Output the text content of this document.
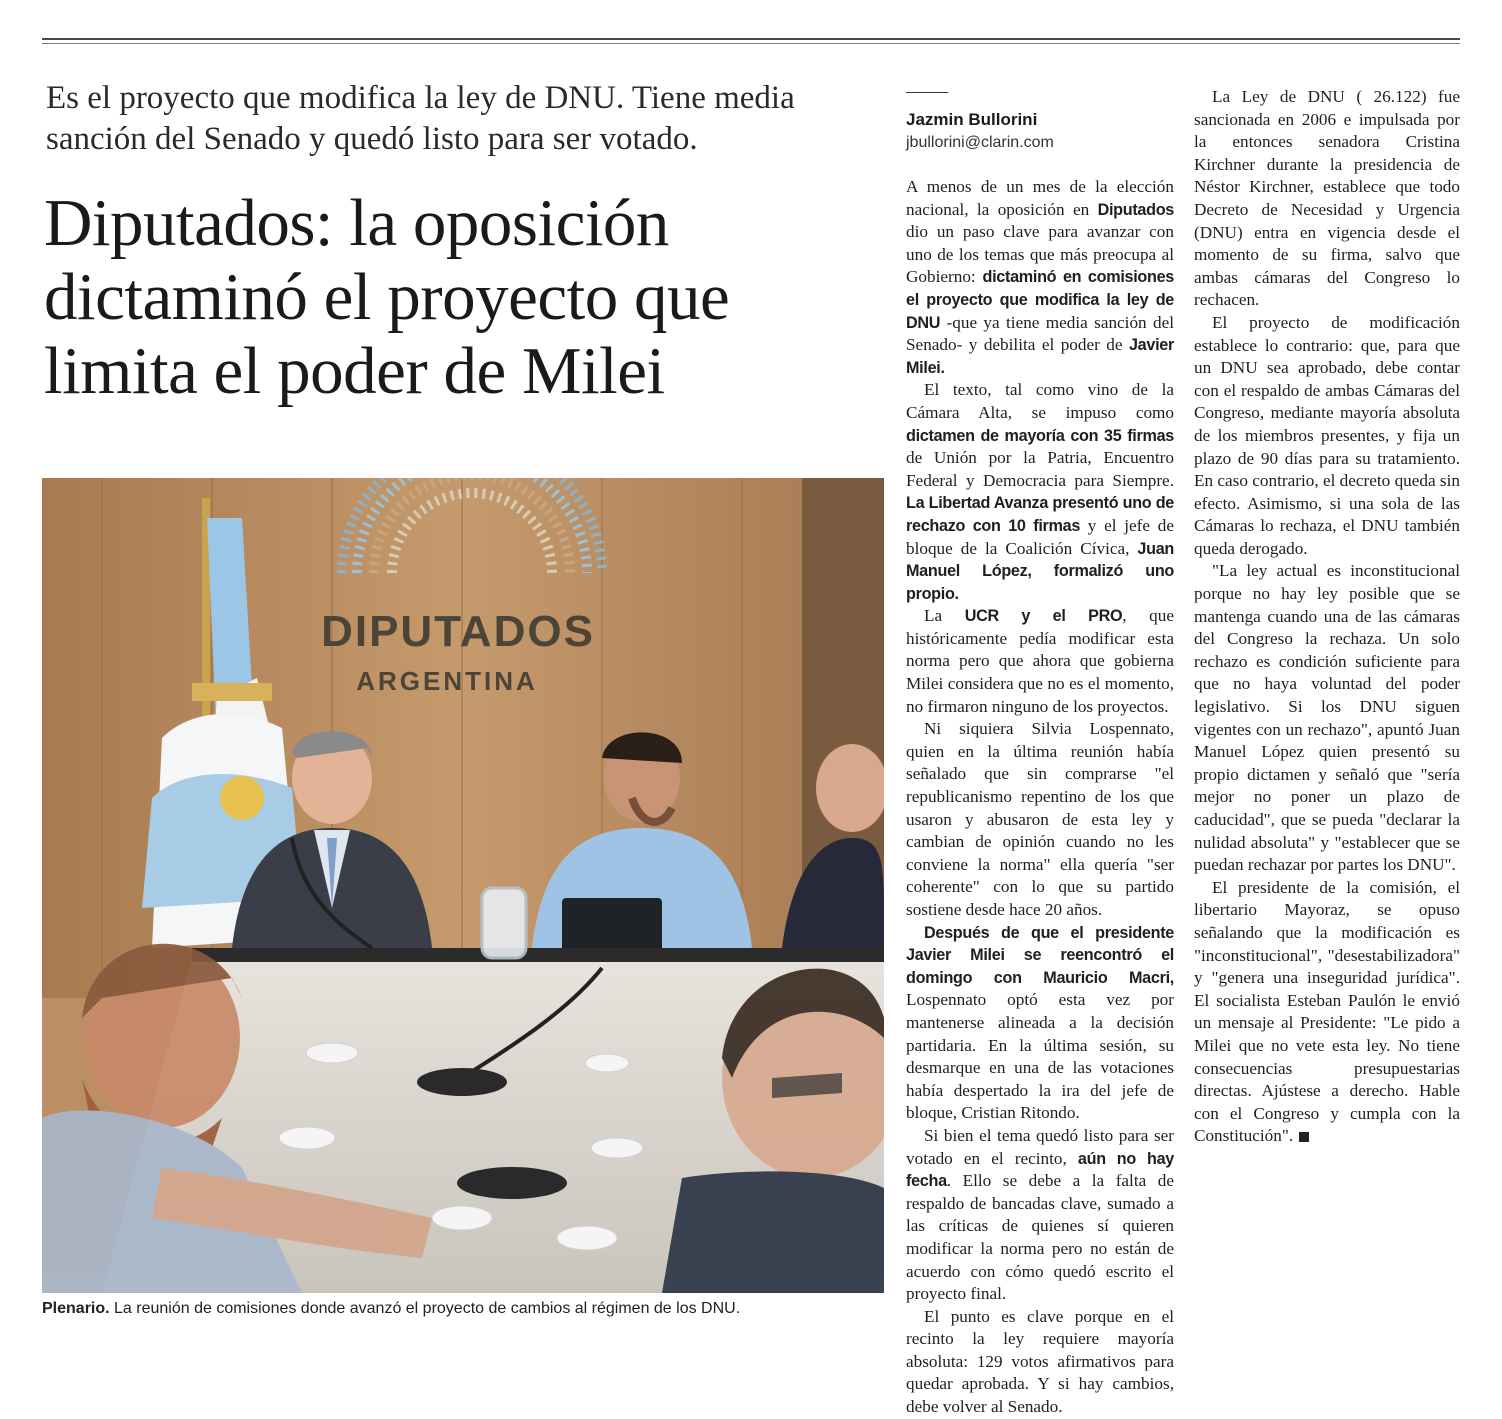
Es el proyecto que modifica la ley de DNU. Tiene media sanción del Senado y quedó listo para ser votado.
Diputados: la oposición dictaminó el proyecto que limita el poder de Milei
DIPUTADOS
ARGENTINA
Plenario. La reunión de comisiones donde avanzó el proyecto de cambios al régimen de los DNU.
Jazmin Bullorini
jbullorini@clarin.com

A menos de un mes de la elección nacional, la oposición en Diputados dio un paso clave para avanzar con uno de los temas que más preocupa al Gobierno: dictaminó en comisiones el proyecto que modifica la ley de DNU -que ya tiene media sanción del Senado- y debilita el poder de Javier Milei.

El texto, tal como vino de la Cámara Alta, se impuso como dictamen de mayoría con 35 firmas de Unión por la Patria, Encuentro Federal y Democracia para Siempre. La Libertad Avanza presentó uno de rechazo con 10 firmas y el jefe de bloque de la Coalición Cívica, Juan Manuel López, formalizó uno propio.

La UCR y el PRO, que históricamente pedía modificar esta norma pero que ahora que gobierna Milei considera que no es el momento, no firmaron ninguno de los proyectos.

Ni siquiera Silvia Lospennato, quien en la última reunión había señalado que sin comprarse "el republicanismo repentino de los que usaron y abusaron de esta ley y cambian de opinión cuando no les conviene la norma" ella quería "ser coherente" con lo que su partido sostiene desde hace 20 años.

Después de que el presidente Javier Milei se reencontró el domingo con Mauricio Macri, Lospennato optó esta vez por mantenerse alineada a la decisión partidaria. En la última sesión, su desmarque en una de las votaciones había despertado la ira del jefe de bloque, Cristian Ritondo.

Si bien el tema quedó listo para ser votado en el recinto, aún no hay fecha. Ello se debe a la falta de respaldo de bancadas clave, sumado a las críticas de quienes sí quieren modificar la norma pero no están de acuerdo con cómo quedó escrito el proyecto final.

El punto es clave porque en el recinto la ley requiere mayoría absoluta: 129 votos afirmativos para quedar aprobada. Y si hay cambios, debe volver al Senado.

La Ley de DNU ( 26.122) fue sancionada en 2006 e impulsada por la entonces senadora Cristina Kirchner durante la presidencia de Néstor Kirchner, establece que todo Decreto de Necesidad y Urgencia (DNU) entra en vigencia desde el momento de su firma, salvo que ambas cámaras del Congreso lo rechacen.

El proyecto de modificación establece lo contrario: que, para que un DNU sea aprobado, debe contar con el respaldo de ambas Cámaras del Congreso, mediante mayoría absoluta de los miembros presentes, y fija un plazo de 90 días para su tratamiento. En caso contrario, el decreto queda sin efecto. Asimismo, si una sola de las Cámaras lo rechaza, el DNU también queda derogado.

"La ley actual es inconstitucional porque no hay ley posible que se mantenga cuando una de las cámaras del Congreso la rechaza. Un solo rechazo es condición suficiente para que no haya voluntad del poder legislativo. Si los DNU siguen vigentes con un rechazo", apuntó Juan Manuel López quien presentó su propio dictamen y señaló que "sería mejor no poner un plazo de caducidad", que se pueda "declarar la nulidad absoluta" y "establecer que se puedan rechazar por partes los DNU".

El presidente de la comisión, el libertario Mayoraz, se opuso señalando que la modificación es "inconstitucional", "desestabilizadora" y "genera una inseguridad jurídica". El socialista Esteban Paulón le envió un mensaje al Presidente: "Le pido a Milei que no vete esta ley. No tiene consecuencias presupuestarias directas. Ajústese a derecho. Hable con el Congreso y cumpla con la Constitución".
